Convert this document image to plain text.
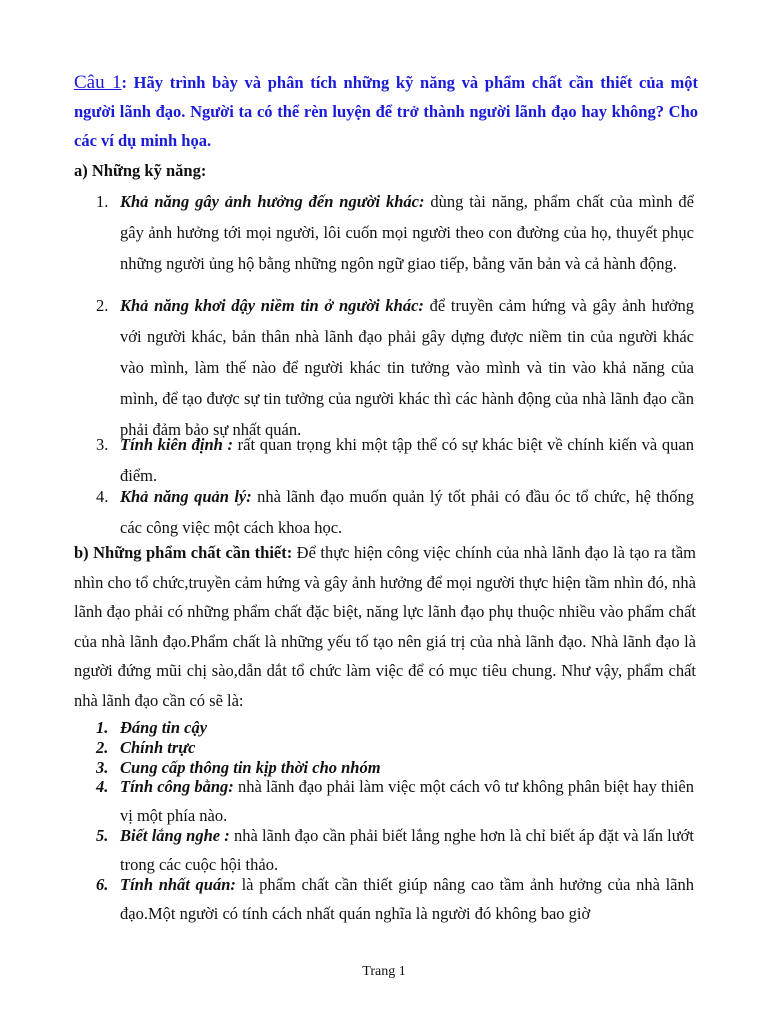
Câu 1: Hãy trình bày và phân tích những kỹ năng và phẩm chất cần thiết của một người lãnh đạo. Người ta có thể rèn luyện để trở thành người lãnh đạo hay không? Cho các ví dụ minh họa.
a) Những kỹ năng:
1. Khả năng gây ảnh hưởng đến người khác: dùng tài năng, phẩm chất của mình để gây ảnh hưởng tới mọi người, lôi cuốn mọi người theo con đường của họ, thuyết phục những người ủng hộ bằng những ngôn ngữ giao tiếp, bằng văn bản và cả hành động.
2. Khả năng khơi dậy niềm tin ở người khác: để truyền cảm hứng và gây ảnh hưởng với người khác, bản thân nhà lãnh đạo phải gây dựng được niềm tin của người khác vào mình, làm thế nào để người khác tin tưởng vào mình và tin vào khả năng của mình, để tạo được sự tin tưởng của người khác thì các hành động của nhà lãnh đạo cần phải đảm bảo sự nhất quán.
3. Tính kiên định : rất quan trọng khi một tập thể có sự khác biệt về chính kiến và quan điểm.
4. Khả năng quản lý: nhà lãnh đạo muốn quản lý tốt phải có đầu óc tổ chức, hệ thống các công việc một cách khoa học.
b) Những phẩm chất cần thiết: Để thực hiện công việc chính của nhà lãnh đạo là tạo ra tầm nhìn cho tổ chức,truyền cảm hứng và gây ảnh hưởng để mọi người thực hiện tầm nhìn đó, nhà lãnh đạo phải có những phẩm chất đặc biệt, năng lực lãnh đạo phụ thuộc nhiều vào phẩm chất của nhà lãnh đạo.Phẩm chất là những yếu tố tạo nên giá trị của nhà lãnh đạo. Nhà lãnh đạo là người đứng mũi chị sào,dẫn dắt tổ chức làm việc để có mục tiêu chung. Như vậy, phẩm chất nhà lãnh đạo cần có sẽ là:
1. Đáng tin cậy
2. Chính trực
3. Cung cấp thông tin kịp thời cho nhóm
4. Tính công bằng: nhà lãnh đạo phải làm việc một cách vô tư không phân biệt hay thiên vị một phía nào.
5. Biết lắng nghe : nhà lãnh đạo cần phải biết lắng nghe hơn là chỉ biết áp đặt và lấn lướt trong các cuộc hội thảo.
6. Tính nhất quán: là phẩm chất cần thiết giúp nâng cao tầm ảnh hưởng của nhà lãnh đạo.Một người có tính cách nhất quán nghĩa là người đó không bao giờ
Trang 1
